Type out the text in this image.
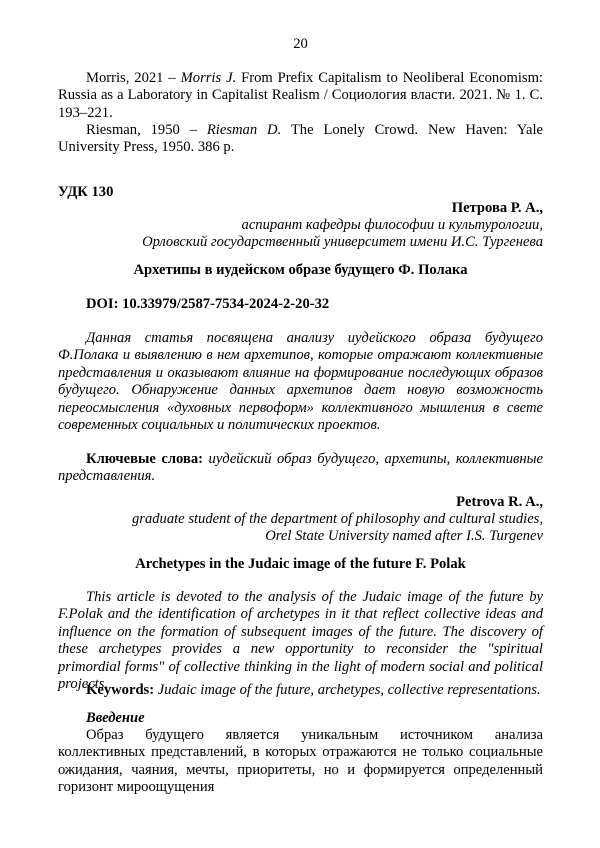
20
Morris, 2021 – Morris J. From Prefix Capitalism to Neoliberal Economism: Russia as a Laboratory in Capitalist Realism / Социология власти. 2021. № 1. С. 193–221.
Riesman, 1950 – Riesman D. The Lonely Crowd. New Haven: Yale University Press, 1950. 386 p.
УДК 130
Петрова Р. А.,
аспирант кафедры философии и культурологии,
Орловский государственный университет имени И.С. Тургенева
Архетипы в иудейском образе будущего Ф. Полака
DOI: 10.33979/2587-7534-2024-2-20-32
Данная статья посвящена анализу иудейского образа будущего Ф.Полака и выявлению в нем архетипов, которые отражают коллективные представления и оказывают влияние на формирование последующих образов будущего. Обнаружение данных архетипов дает новую возможность переосмысления «духовных первоформ» коллективного мышления в свете современных социальных и политических проектов.
Ключевые слова: иудейский образ будущего, архетипы, коллективные представления.
Petrova R. A.,
graduate student of the department of philosophy and cultural studies,
Orel State University named after I.S. Turgenev
Archetypes in the Judaic image of the future F. Polak
This article is devoted to the analysis of the Judaic image of the future by F.Polak and the identification of archetypes in it that reflect collective ideas and influence on the formation of subsequent images of the future. The discovery of these archetypes provides a new opportunity to reconsider the "spiritual primordial forms" of collective thinking in the light of modern social and political projects.
Keywords: Judaic image of the future, archetypes, collective representations.
Введение
Образ будущего является уникальным источником анализа коллективных представлений, в которых отражаются не только социальные ожидания, чаяния, мечты, приоритеты, но и формируется определенный горизонт мироощущения
